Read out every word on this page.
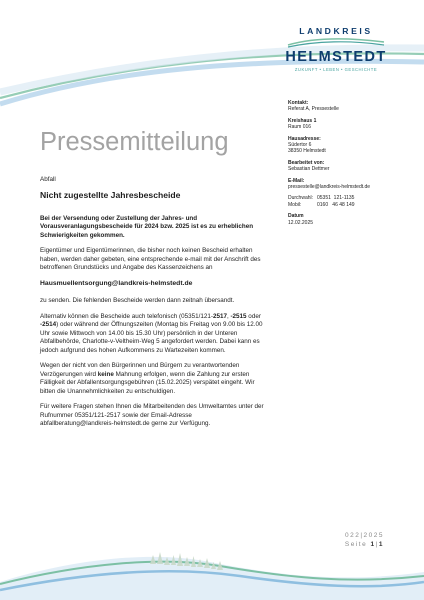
LANDKREIS
HELMSTEDT
ZUKUNFT • LEBEN • GESCHICHTE
Pressemitteilung

Abfall

Nicht zugestellte Jahresbescheide

Bei der Versendung oder Zustellung der Jahres- und Vorausveranlagungsbescheide für 2024 bzw. 2025 ist es zu erheblichen Schwierigkeiten gekommen.

Eigentümer und Eigentümerinnen, die bisher noch keinen Bescheid erhalten haben, werden daher gebeten, eine entsprechende e-mail mit der Anschrift des betroffenen Grundstücks und Angabe des Kassenzeichens an

Hausmuellentsorgung@landkreis-helmstedt.de

zu senden. Die fehlenden Bescheide werden dann zeitnah übersandt.

Alternativ können die Bescheide auch telefonisch (05351/121-2517, -2515 oder -2514) oder während der Öffnungszeiten (Montag bis Freitag von 9.00 bis 12.00 Uhr sowie Mittwoch von 14.00 bis 15.30 Uhr) persönlich in der Unteren Abfallbehörde, Charlotte-v-Veltheim-Weg 5 angefordert werden. Dabei kann es jedoch aufgrund des hohen Aufkommens zu Wartezeiten kommen.

Wegen der nicht von den Bürgerinnen und Bürgern zu verantwortenden Verzögerungen wird keine Mahnung erfolgen, wenn die Zahlung zur ersten Fälligkeit der Abfallentsorgungsgebühren (15.02.2025) verspätet eingeht. Wir bitten die Unannehmlichkeiten zu entschuldigen.

Für weitere Fragen stehen Ihnen die Mitarbeitenden des Umweltamtes unter der Rufnummer 05351/121-2517 sowie der Email-Adresse abfallberatung@landkreis-helmstedt.de gerne zur Verfügung.

Kontakt:
Referat A, Pressestelle
Kreishaus 1
Raum 016
Hausadresse:
Südertor 6
38350 Helmstedt
Bearbeitet von:
Sebastian Dettmer
E-Mail:
pressestelle@landkreis-helmstedt.de
Durchwahl: 05351  121-1135
Mobil:	0160   46 48 149
Datum
12.02.2025
022|2025
Seite 1|1
